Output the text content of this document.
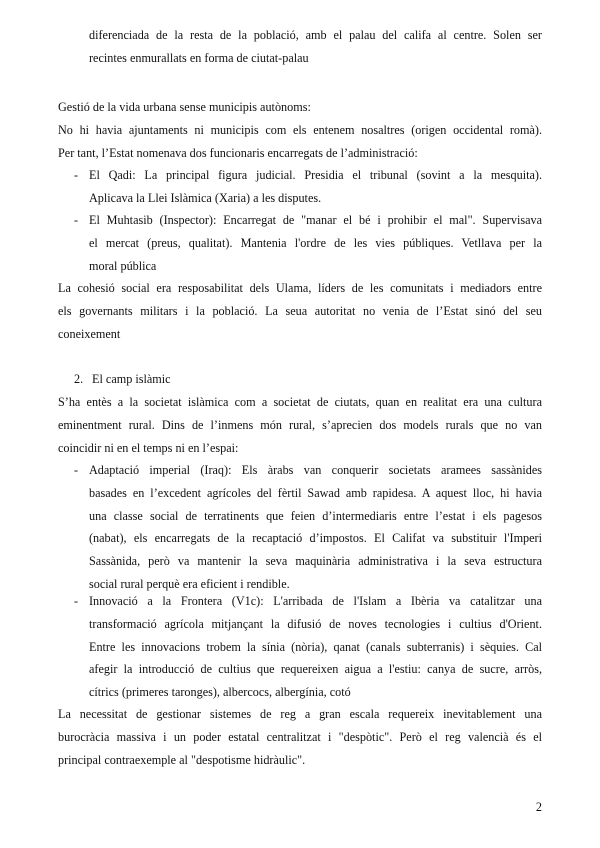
diferenciada de la resta de la població, amb el palau del califa al centre. Solen ser
recintes enmurallats en forma de ciutat-palau
Gestió de la vida urbana sense municipis autònoms:
No hi havia ajuntaments ni municipis com els entenem nosaltres (origen occidental romà).
Per tant, l’Estat nomenava dos funcionaris encarregats de l’administració:
- El Qadi: La principal figura judicial. Presidia el tribunal (sovint a la mesquita).
Aplicava la Llei Islàmica (Xaria) a les disputes.
- El Muhtasib (Inspector): Encarregat de "manar el bé i prohibir el mal". Supervisava
el mercat (preus, qualitat). Mantenia l'ordre de les vies públiques. Vetllava per la
moral pública
La cohesió social era resposabilitat dels Ulama, líders de les comunitats i mediadors entre
els governants militars i la població. La seua autoritat no venia de l’Estat sinó del seu
coneixement
2. El camp islàmic
S’ha entès a la societat islàmica com a societat de ciutats, quan en realitat era una cultura
eminentment rural. Dins de l’inmens món rural, s’aprecien dos models rurals que no van
coincidir ni en el temps ni en l’espai:
- Adaptació imperial (Iraq): Els àrabs van conquerir societats aramees sassànides
basades en l’excedent agrícoles del fèrtil Sawad amb rapidesa. A aquest lloc, hi havia
una classe social de terratinents que feien d’intermediaris entre l’estat i els pagesos
(nabat), els encarregats de la recaptació d’impostos. El Califat va substituir l'Imperi
Sassànida, però va mantenir la seva maquinària administrativa i la seva estructura
social rural perquè era eficient i rendible.
- Innovació a la Frontera (V1c): L'arribada de l'Islam a Ibèria va catalitzar una
transformació agrícola mitjançant la difusió de noves tecnologies i cultius d'Orient.
Entre les innovacions trobem la sínia (nòria), qanat (canals subterranis) i sèquies. Cal
afegir la introducció de cultius que requereixen aigua a l'estiu: canya de sucre, arròs,
cítrics (primeres taronges), albercocs, albergínia, cotó
La necessitat de gestionar sistemes de reg a gran escala requereix inevitablement una
burocràcia massiva i un poder estatal centralitzat i "despòtic". Però el reg valencià és el
principal contraexemple al "despotisme hidràulic".
2
